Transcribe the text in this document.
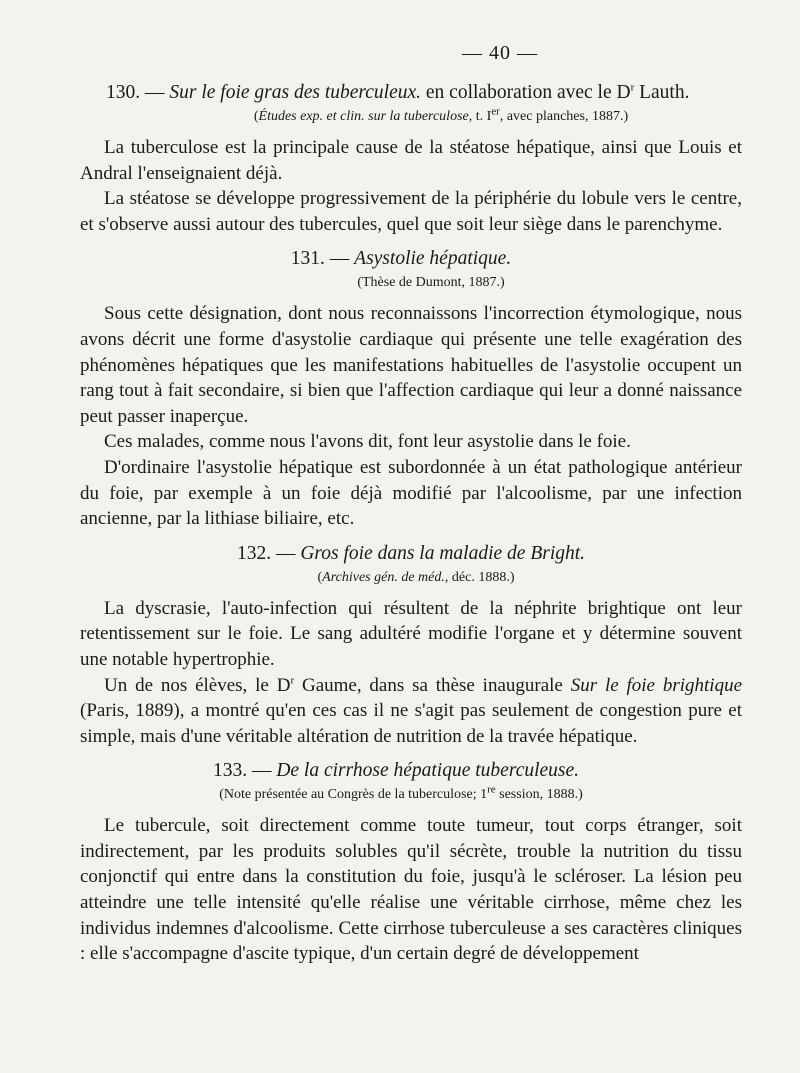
— 40 —

130. — Sur le foie gras des tuberculeux. en collaboration avec le $D^r$ Lauth.

(Études exp. et clin. sur la tuberculose, t. Ier, avec planches, 1887.)

La tuberculose est la principale cause de la stéatose hépatique, ainsi que Louis et Andral l'enseignaient déjà.

La stéatose se développe progressivement de la périphérie du lobule vers le centre, et s'observe aussi autour des tubercules, quel que soit leur siège dans le parenchyme.

131. — Asystolie hépatique.

(Thèse de Dumont, 1887.)

Sous cette désignation, dont nous reconnaissons l'incorrection étymologique, nous avons décrit une forme d'asystolie cardiaque qui présente une telle exagération des phénomènes hépatiques que les manifestations habituelles de l'asystolie occupent un rang tout à fait secondaire, si bien que l'affection cardiaque qui leur a donné naissance peut passer inaperçue.

Ces malades, comme nous l'avons dit, font leur asystolie dans le foie.

D'ordinaire l'asystolie hépatique est subordonnée à un état pathologique antérieur du foie, par exemple à un foie déjà modifié par l'alcoolisme, par une infection ancienne, par la lithiase biliaire, etc.

132. — Gros foie dans la maladie de Bright.

(Archives gén. de méd., déc. 1888.)

La dyscrasie, l'auto-infection qui résultent de la néphrite brightique ont leur retentissement sur le foie. Le sang adultéré modifie l'organe et y détermine souvent une notable hypertrophie.

Un de nos élèves, le $D^r$ Gaume, dans sa thèse inaugurale Sur le foie brightique (Paris, 1889), a montré qu'en ces cas il ne s'agit pas seulement de congestion pure et simple, mais d'une véritable altération de nutrition de la travée hépatique.

133. — De la cirrhose hépatique tuberculeuse.

(Note présentée au Congrès de la tuberculose; 1re session, 1888.)

Le tubercule, soit directement comme toute tumeur, tout corps étranger, soit indirectement, par les produits solubles qu'il sécrète, trouble la nutrition du tissu conjonctif qui entre dans la constitution du foie, jusqu'à le scléroser. La lésion peu atteindre une telle intensité qu'elle réalise une véritable cirrhose, même chez les individus indemnes d'alcoolisme. Cette cirrhose tuberculeuse a ses caractères cliniques : elle s'accompagne d'ascite typique, d'un certain degré de développement
